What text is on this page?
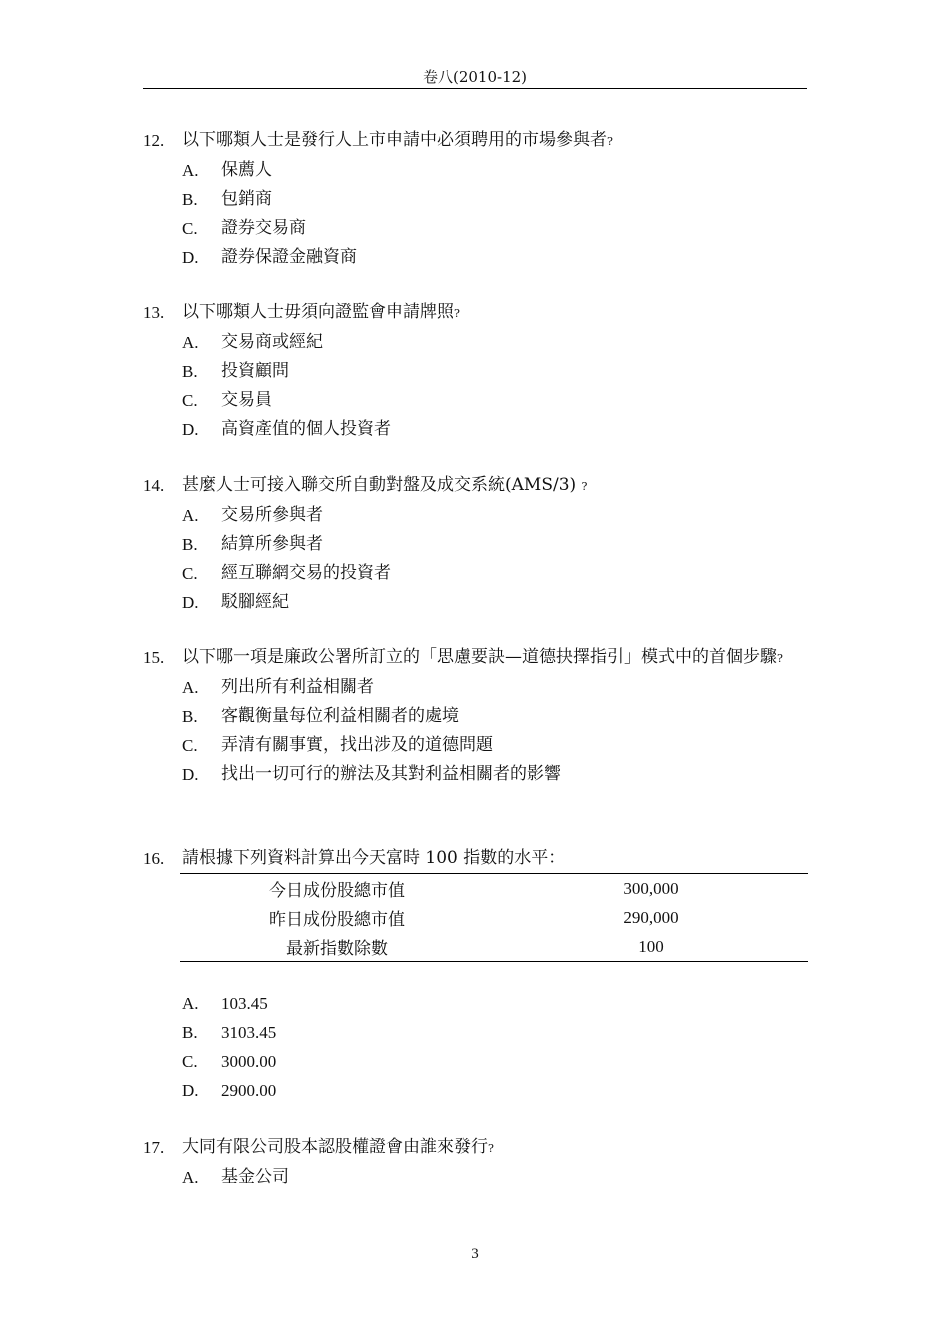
卷八(2010-12)
12.	以下哪類人士是發行人上市申請中必須聘用的市場參與者?
A.	保薦人
B.	包銷商
C.	證券交易商
D.	證券保證金融資商
13.	以下哪類人士毋須向證監會申請牌照?
A.	交易商或經紀
B.	投資顧問
C.	交易員
D.	高資產值的個人投資者
14.	甚麼人士可接入聯交所自動對盤及成交系統(AMS/3) ?
A.	交易所參與者
B.	結算所參與者
C.	經互聯網交易的投資者
D.	駁腳經紀
15.	以下哪一項是廉政公署所訂立的「思慮要訣—道德抉擇指引」模式中的首個步驟?
A.	列出所有利益相關者
B.	客觀衡量每位利益相關者的處境
C.	弄清有關事實，找出涉及的道德問題
D.	找出一切可行的辦法及其對利益相關者的影響
16.	請根據下列資料計算出今天富時 100 指數的水平：
今日成份股總市值	300,000
昨日成份股總市值	290,000
最新指數除數	100
A.	103.45
B.	3103.45
C.	3000.00
D.	2900.00
17.	大同有限公司股本認股權證會由誰來發行?
A.	基金公司
3
